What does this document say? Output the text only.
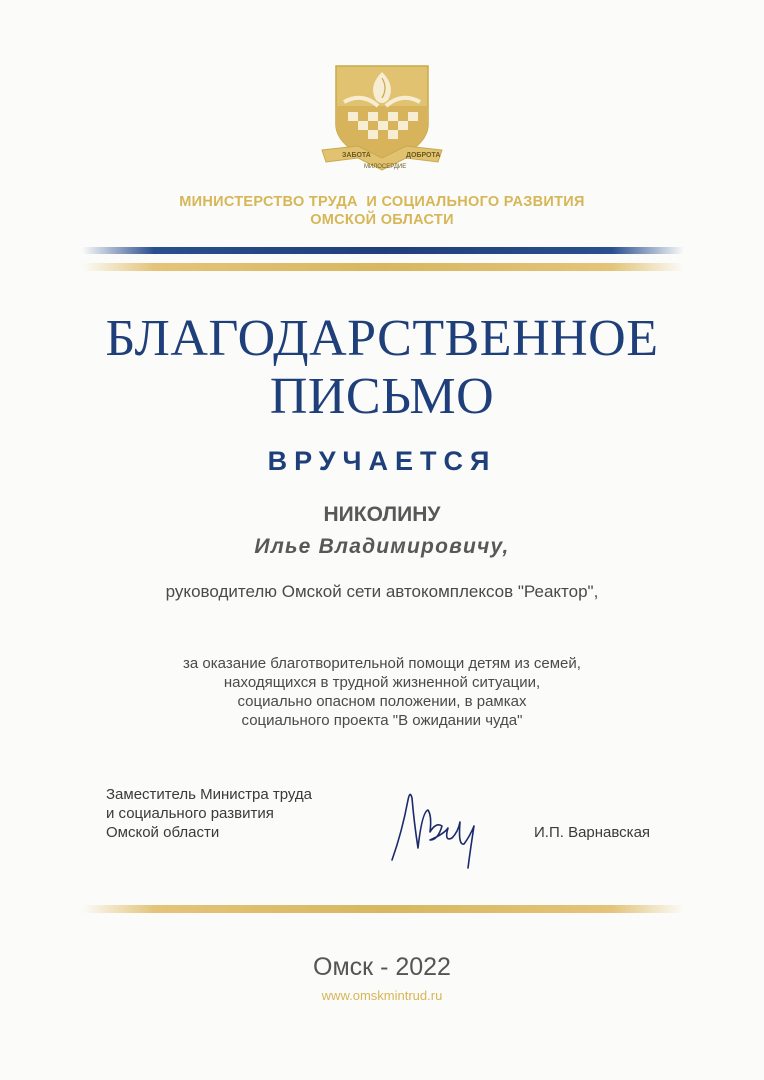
ЗАБОТА	ДОБРОТА
МИЛОСЕРДИЕ
МИНИСТЕРСТВО ТРУДА  И СОЦИАЛЬНОГО РАЗВИТИЯ
ОМСКОЙ ОБЛАСТИ
БЛАГОДАРСТВЕННОЕ
ПИСЬМО
ВРУЧАЕТСЯ
НИКОЛИНУ
Илье Владимировичу,
руководителю Омской сети автокомплексов "Реактор",
за оказание благотворительной помощи детям из семей,
находящихся в трудной жизненной ситуации,
социально опасном положении, в рамках
социального проекта "В ожидании чуда"
Заместитель Министра труда
и социального развития
Омской области	И.П. Варнавская
Омск - 2022
www.omskmintrud.ru
